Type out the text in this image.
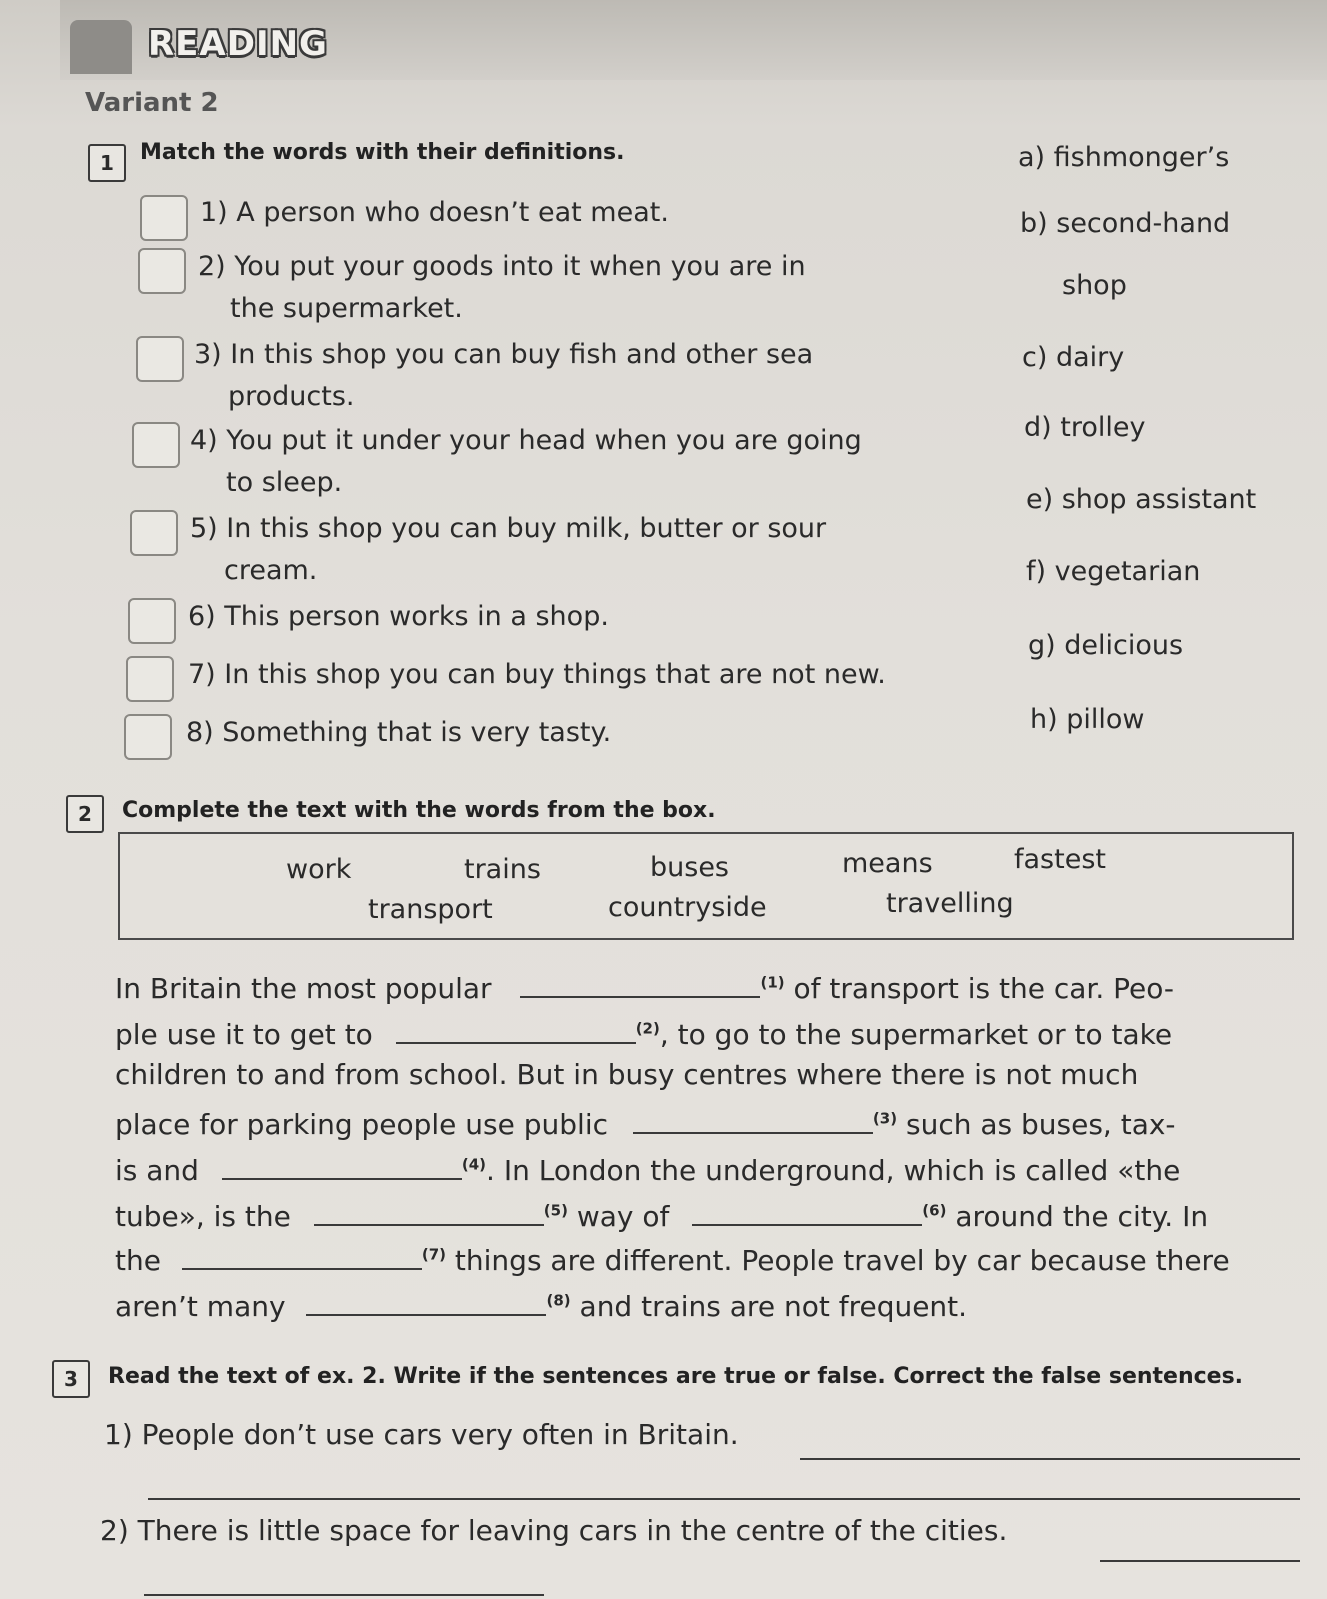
READING
Variant 2
1	Match the words with their definitions.
1) A person who doesn’t eat meat.
2) You put your goods into it when you are in
the supermarket.
3) In this shop you can buy fish and other sea
products.
4) You put it under your head when you are going
to sleep.
5) In this shop you can buy milk, butter or sour
cream.
6) This person works in a shop.
7) In this shop you can buy things that are not new.
8) Something that is very tasty.
a) fishmonger’s
b) second-hand
shop
c) dairy
d) trolley
e) shop assistant
f) vegetarian
g) delicious
h) pillow
2	Complete the text with the words from the box.
work	trains	buses	means	fastest
transport	countryside	travelling
In Britain the most popular	$^{(1)}$ of transport is the car. Peo-
ple use it to get to	$^{(2)}$, to go to the supermarket or to take
children to and from school. But in busy centres where there is not much
place for parking people use public	$^{(3)}$ such as buses, tax-
is and	$^{(4)}$. In London the underground, which is called «the
tube», is the	$^{(5)}$ way of	$^{(6)}$ around the city. In
the	$^{(7)}$ things are different. People travel by car because there
aren’t many	$^{(8)}$ and trains are not frequent.
3	Read the text of ex. 2. Write if the sentences are true or false. Correct the false sentences.
1) People don’t use cars very often in Britain.
2) There is little space for leaving cars in the centre of the cities.
